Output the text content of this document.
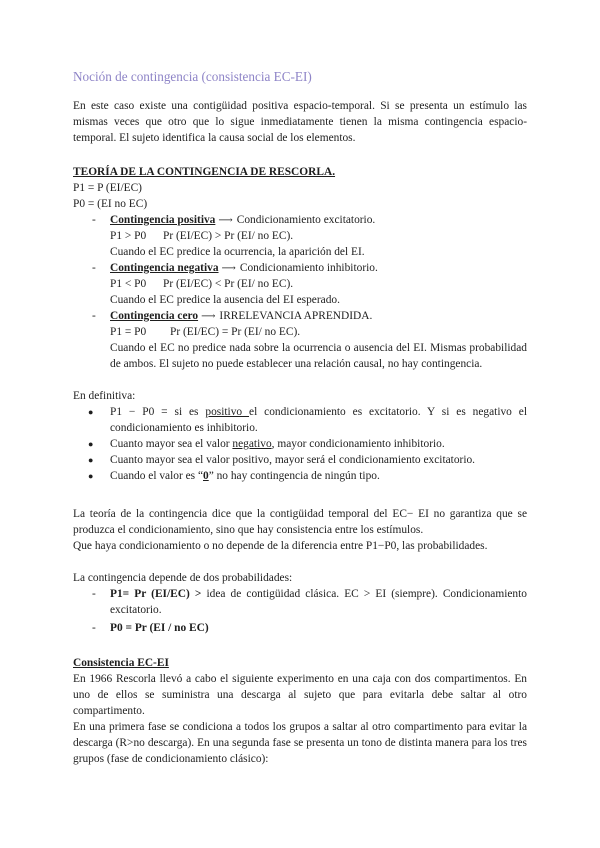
Noción de contingencia (consistencia EC-EI)

En este caso existe una contigüidad positiva espacio-temporal. Si se presenta un estímulo las mismas veces que otro que lo sigue inmediatamente tienen la misma contingencia espacio-temporal. El sujeto identifica la causa social de los elementos.

TEORÍA DE LA CONTINGENCIA DE RESCORLA.
P1 = P (EI/EC)
P0 = (EI no EC)
- Contingencia positiva ⟶ Condicionamiento excitatorio.
P1 > P0 Pr (EI/EC) > Pr (EI/ no EC).
Cuando el EC predice la ocurrencia, la aparición del EI.
- Contingencia negativa ⟶ Condicionamiento inhibitorio.
P1 < P0 Pr (EI/EC) < Pr (EI/ no EC).
Cuando el EC predice la ausencia del EI esperado.
- Contingencia cero ⟶ IRRELEVANCIA APRENDIDA.
P1 = P0 Pr (EI/EC) = Pr (EI/ no EC).

Cuando el EC no predice nada sobre la ocurrencia o ausencia del EI. Mismas probabilidad de ambos. El sujeto no puede establecer una relación causal, no hay contingencia.

En definitiva:
● P1 − P0 = si es positivo el condicionamiento es excitatorio. Y si es negativo el condicionamiento es inhibitorio.

● Cuanto mayor sea el valor negativo, mayor condicionamiento inhibitorio.
● Cuanto mayor sea el valor positivo, mayor será el condicionamiento excitatorio.
● Cuando el valor es “0” no hay contingencia de ningún tipo.

La teoría de la contingencia dice que la contigüidad temporal del EC− EI no garantiza que se produzca el condicionamiento, sino que hay consistencia entre los estímulos.

Que haya condicionamiento o no depende de la diferencia entre P1−P0, las probabilidades.

La contingencia depende de dos probabilidades:
- P1= Pr (EI/EC) > idea de contigüidad clásica. EC > EI (siempre). Condicionamiento excitatorio.

- P0 = Pr (EI / no EC)
Consistencia EC-EI

En 1966 Rescorla llevó a cabo el siguiente experimento en una caja con dos compartimentos. En uno de ellos se suministra una descarga al sujeto que para evitarla debe saltar al otro compartimento.

En una primera fase se condiciona a todos los grupos a saltar al otro compartimento para evitar la descarga (R>no descarga). En una segunda fase se presenta un tono de distinta manera para los tres grupos (fase de condicionamiento clásico):
